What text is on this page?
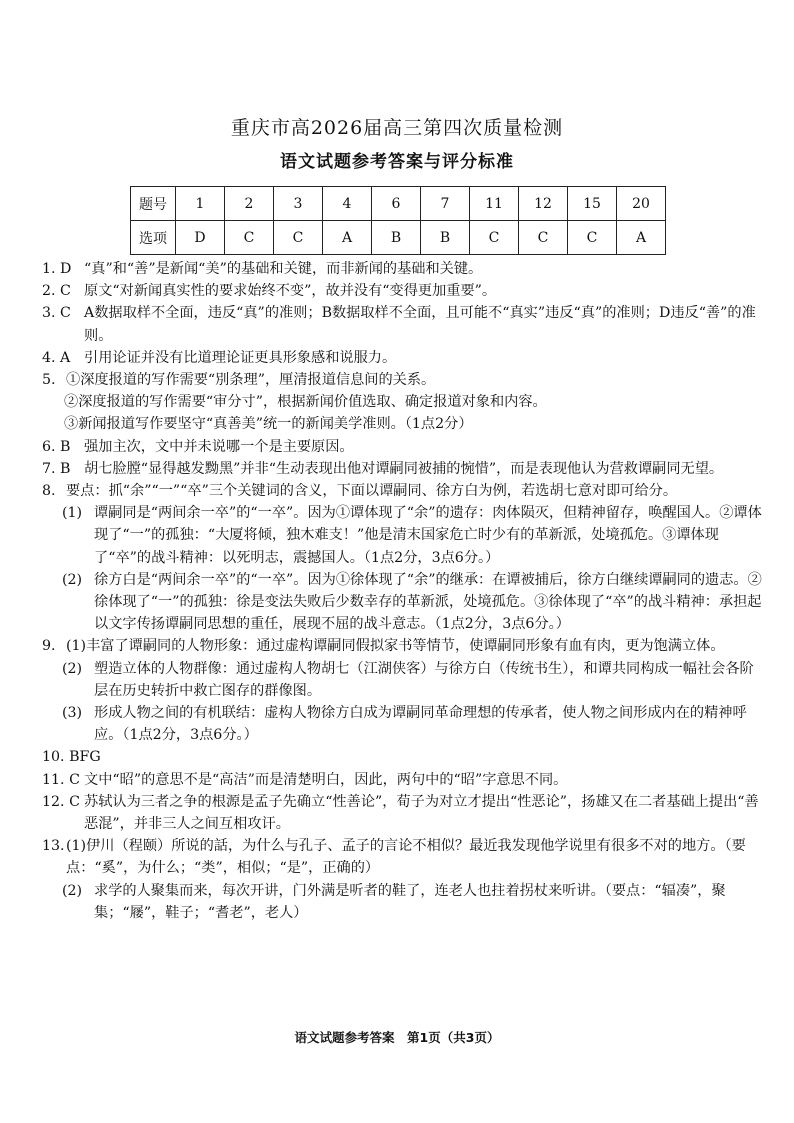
重庆市高2026届高三第四次质量检测
语文试题参考答案与评分标准
题号	1	2	3	4	6	7	11	12	15	20
选项	D	C	C	A	B	B	C	C	C	A
1. D “真”和“善”是新闻“美”的基础和关键，而非新闻的基础和关键。
2. C 原文“对新闻真实性的要求始终不变”，故并没有“变得更加重要”。
3. C A数据取样不全面，违反“真”的准则；B数据取样不全面，且可能不“真实”违反“真”的准则；D违反“善”的准则。
4. A 引用论证并没有比道理论证更具形象感和说服力。
5. ①深度报道的写作需要“別条理”，厘清报道信息间的关系。
②深度报道的写作需要“审分寸”，根据新闻价值选取、确定报道对象和内容。
③新闻报道写作要坚守“真善美”统一的新闻美学准则。（1点2分）
6. B 强加主次，文中并未说哪一个是主要原因。
7. B 胡七脸膛“显得越发黝黑”并非“生动表现出他对谭嗣同被捕的惋惜”，而是表现他认为营救谭嗣同无望。
8. 要点：抓“余”“一”“卒”三个关键词的含义，下面以谭嗣同、徐方白为例，若选胡七意对即可给分。
(1) 谭嗣同是“两间余一卒”的“一卒”。因为①谭体现了“余”的遗存：肉体陨灭，但精神留存，唤醒国人。②谭体现了“一”的孤独：“大厦将倾，独木难支！”他是清末国家危亡时少有的革新派，处境孤危。③谭体现了“卒”的战斗精神：以死明志，震撼国人。（1点2分，3点6分。）
(2) 徐方白是“两间余一卒”的“一卒”。因为①徐体现了“余”的继承：在谭被捕后，徐方白继续谭嗣同的遗志。②徐体现了“一”的孤独：徐是变法失败后少数幸存的革新派，处境孤危。③徐体现了“卒”的战斗精神：承担起以文字传扬谭嗣同思想的重任，展现不屈的战斗意志。（1点2分，3点6分。）
9. (1)丰富了谭嗣同的人物形象：通过虚构谭嗣同假拟家书等情节，使谭嗣同形象有血有肉，更为饱满立体。
(2) 塑造立体的人物群像：通过虚构人物胡七（江湖侠客）与徐方白（传统书生），和谭共同构成一幅社会各阶层在历史转折中救亡图存的群像图。
(3) 形成人物之间的有机联结：虚构人物徐方白成为谭嗣同革命理想的传承者，使人物之间形成内在的精神呼应。（1点2分，3点6分。）
10. BFG

11. C 文中“昭”的意思不是“高洁”而是清楚明白，因此，两句中的“昭”字意思不同。
12. C 苏轼认为三者之争的根源是孟子先确立“性善论”，荀子为对立才提出“性恶论”，扬雄又在二者基础上提出“善恶混”，并非三人之间互相攻讦。
13. (1)伊川（程颐）所说的話，为什么与孔子、孟子的言论不相似？最近我发现他学说里有很多不对的地方。（要点：“奚”，为什么；“类”，相似；“是”，正确的）
(2) 求学的人聚集而来，每次开讲，门外满是听者的鞋了，连老人也拄着拐杖来听讲。（要点：“辐凑”，聚集；“屦”，鞋子；“耆老”，老人）
语文试题参考答案　第1页（共3页）
